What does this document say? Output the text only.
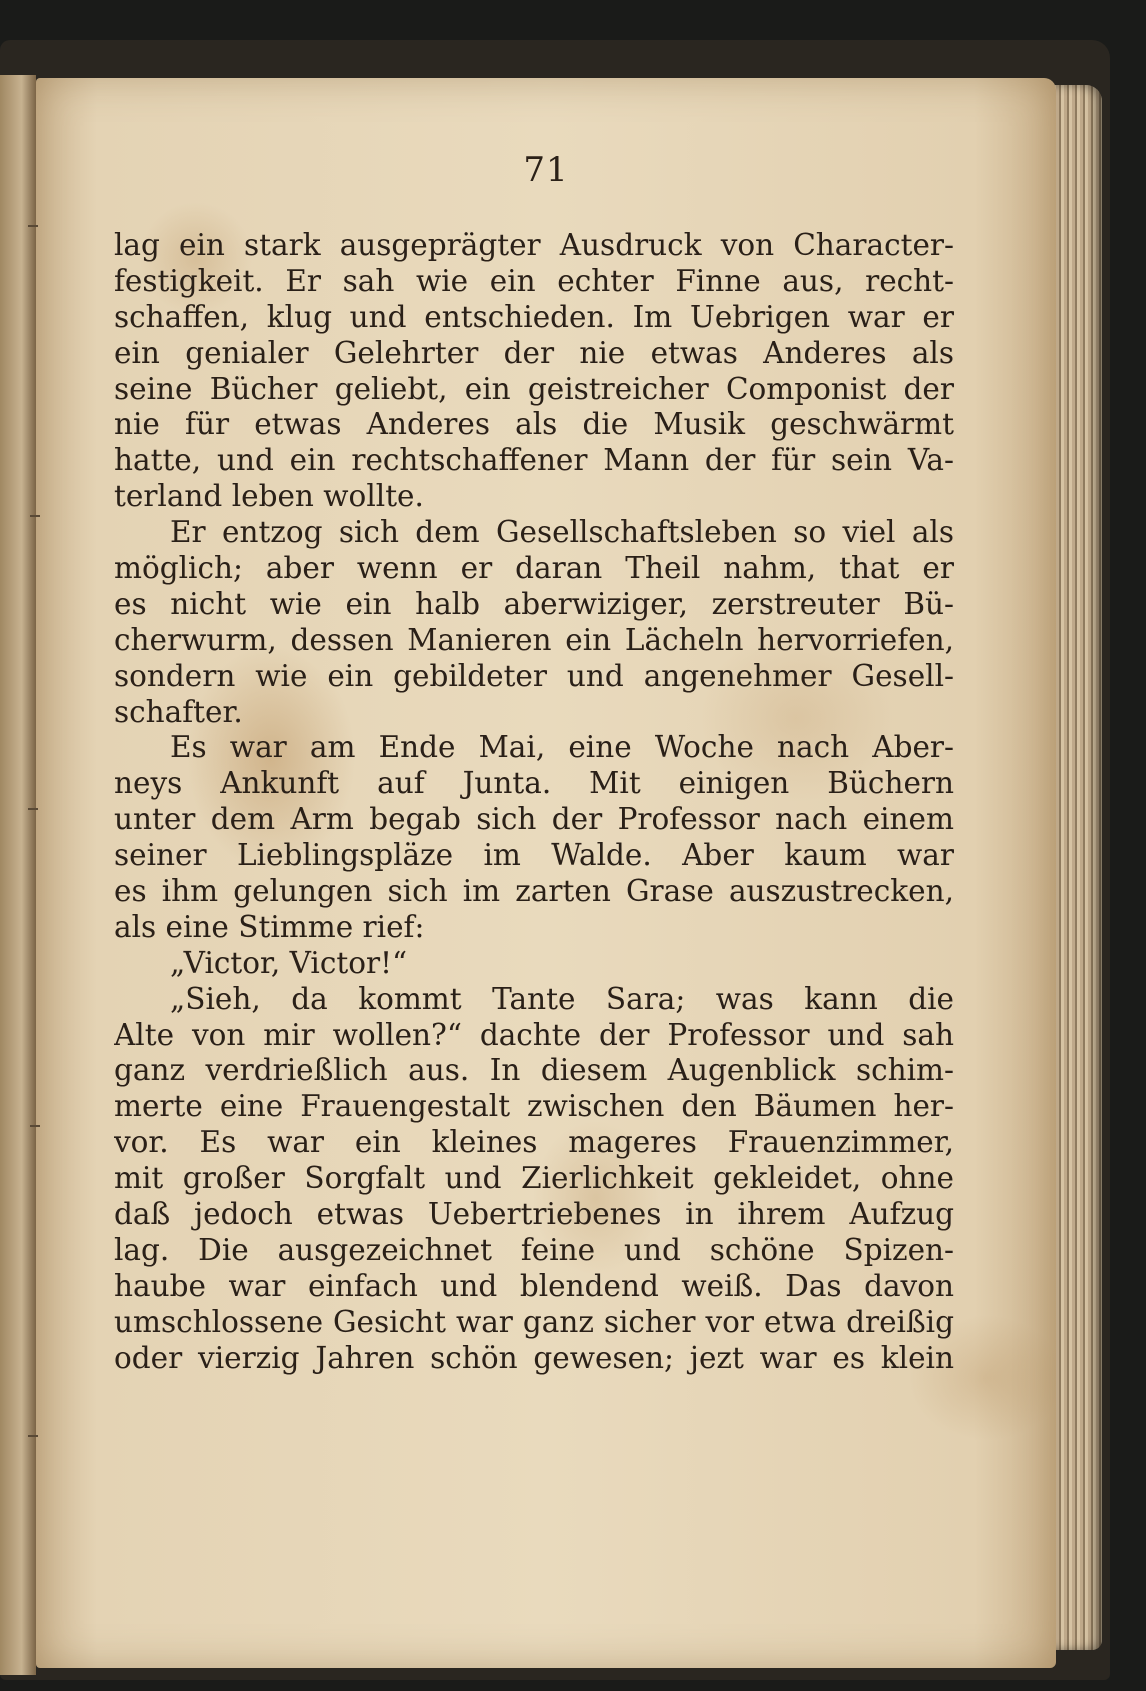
71
lag ein stark ausgeprägter Ausdruck von Character-
festigkeit. Er sah wie ein echter Finne aus, recht-
schaffen, klug und entschieden. Im Uebrigen war er
ein genialer Gelehrter der nie etwas Anderes als
seine Bücher geliebt, ein geistreicher Componist der
nie für etwas Anderes als die Musik geschwärmt
hatte, und ein rechtschaffener Mann der für sein Va-
terland leben wollte.
Er entzog sich dem Gesellschaftsleben so viel als
möglich; aber wenn er daran Theil nahm, that er
es nicht wie ein halb aberwiziger, zerstreuter Bü-
cherwurm, dessen Manieren ein Lächeln hervorriefen,
sondern wie ein gebildeter und angenehmer Gesell-
schafter.
Es war am Ende Mai, eine Woche nach Aber-
neys Ankunft auf Junta. Mit einigen Büchern
unter dem Arm begab sich der Professor nach einem
seiner Lieblingspläze im Walde. Aber kaum war
es ihm gelungen sich im zarten Grase auszustrecken,
als eine Stimme rief:
„Victor, Victor!“
„Sieh, da kommt Tante Sara; was kann die
Alte von mir wollen?“ dachte der Professor und sah
ganz verdrießlich aus. In diesem Augenblick schim-
merte eine Frauengestalt zwischen den Bäumen her-
vor. Es war ein kleines mageres Frauenzimmer,
mit großer Sorgfalt und Zierlichkeit gekleidet, ohne
daß jedoch etwas Uebertriebenes in ihrem Aufzug
lag. Die ausgezeichnet feine und schöne Spizen-
haube war einfach und blendend weiß. Das davon
umschlossene Gesicht war ganz sicher vor etwa dreißig
oder vierzig Jahren schön gewesen; jezt war es klein
